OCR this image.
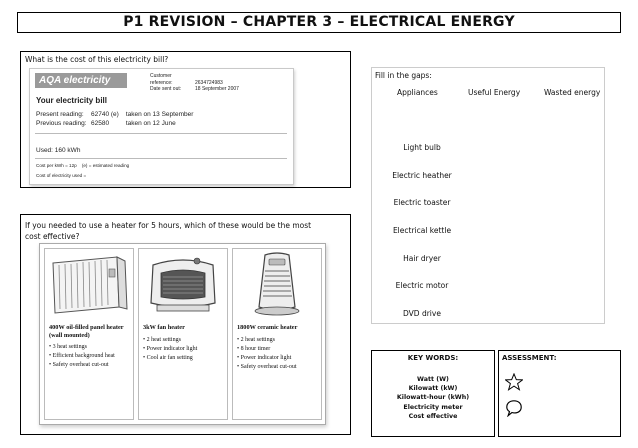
P1 REVISION – CHAPTER 3 – ELECTRICAL ENERGY
What is the cost of this electricity bill?
AQA electricity	Customer reference:	2634724983
Date sent out:	18 September 2007
Your electricity bill
Present reading: 62740 (e) taken on 13 September
Previous reading: 62580	taken on 12 June
Used: 160 kWh
Cost per kWh = 12p (e) = estimated reading
Cost of electricity used =
If you needed to use a heater for 5 hours, which of these would be the most cost effective?
400W oil-filled panel heater (wall mounted)
• 3 heat settings
• Efficient background heat
• Safety overheat cut-out
3kW fan heater
• 2 heat settings
• Power indicator light
• Cool air fan setting
1800W ceramic heater
• 2 heat settings
• 8 hour timer
• Power indicator light
• Safety overheat cut-out
Fill in the gaps:
Appliances	Useful Energy	Wasted energy
Light bulb
Electric heather
Electric toaster
Electrical kettle
Hair dryer
Electric motor
DVD drive
KEY WORDS:
Watt (W)
Kilowatt (kW)
Kilowatt-hour (kWh)
Electricity meter
Cost effective
ASSESSMENT:
